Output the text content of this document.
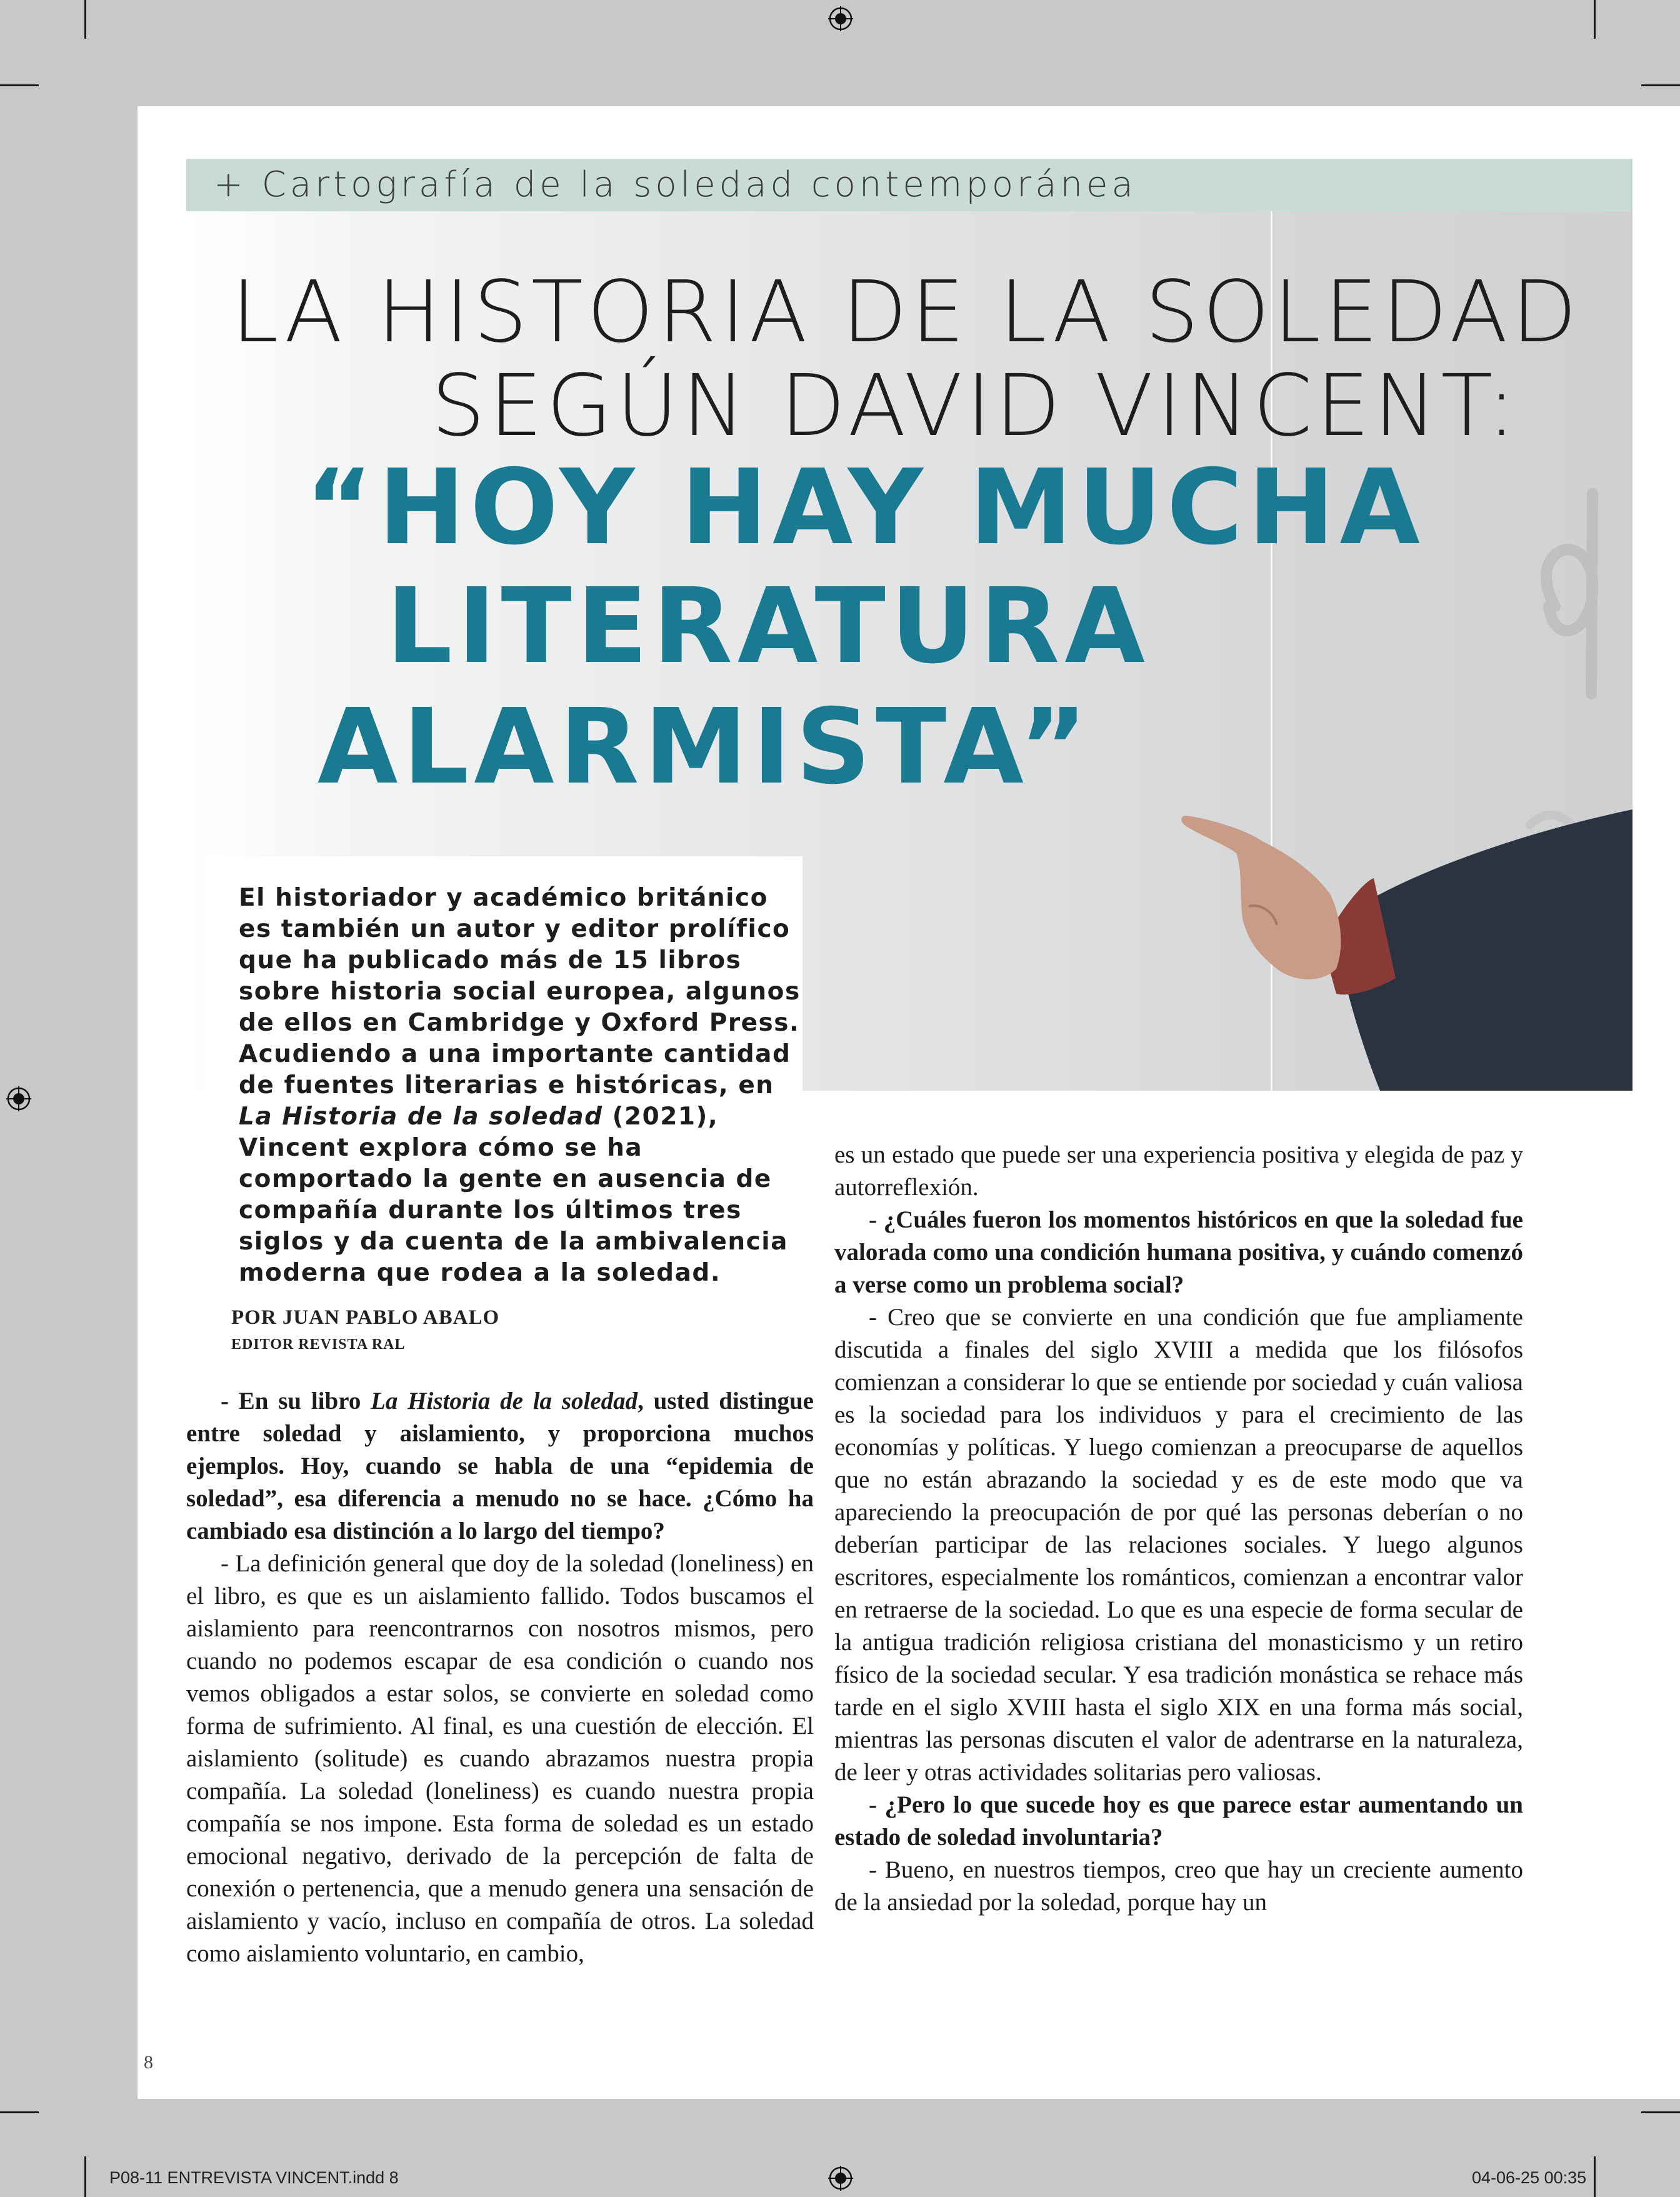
+ Cartografía de la soledad contemporánea
LA HISTORIA DE LA SOLEDAD
SEGÚN DAVID VINCENT:
“HOY HAY MUCHA
LITERATURA
ALARMISTA”

El historiador y académico británico es también un autor y editor prolífico que ha publicado más de 15 libros sobre historia social europea, algunos de ellos en Cambridge y Oxford Press. Acudiendo a una importante cantidad de fuentes literarias e históricas, en La Historia de la soledad (2021), Vincent explora cómo se ha comportado la gente en ausencia de compañía durante los últimos tres siglos y da cuenta de la ambivalencia moderna que rodea a la soledad.

POR JUAN PABLO ABALO
EDITOR REVISTA RAL

- En su libro La Historia de la soledad, usted distingue entre soledad y aislamiento, y proporciona muchos ejemplos. Hoy, cuando se habla de una “epidemia de soledad”, esa diferencia a menudo no se hace. ¿Cómo ha cambiado esa distinción a lo largo del tiempo?

- La definición general que doy de la soledad (loneliness) en el libro, es que es un aislamiento fallido. Todos buscamos el aislamiento para reencontrarnos con nosotros mismos, pero cuando no podemos escapar de esa condición o cuando nos vemos obligados a estar solos, se convierte en soledad como forma de sufrimiento. Al final, es una cuestión de elección. El aislamiento (solitude) es cuando abrazamos nuestra propia compañía. La soledad (loneliness) es cuando nuestra propia compañía se nos impone. Esta forma de soledad es un estado emocional negativo, derivado de la percepción de falta de conexión o pertenencia, que a menudo genera una sensación de aislamiento y vacío, incluso en compañía de otros. La soledad como aislamiento voluntario, en cambio,

es un estado que puede ser una experiencia positiva y elegida de paz y autorreflexión.

- ¿Cuáles fueron los momentos históricos en que la soledad fue valorada como una condición humana positiva, y cuándo comenzó a verse como un problema social?

- Creo que se convierte en una condición que fue ampliamente discutida a finales del siglo XVIII a medida que los filósofos comienzan a considerar lo que se entiende por sociedad y cuán valiosa es la sociedad para los individuos y para el crecimiento de las economías y políticas. Y luego comienzan a preocuparse de aquellos que no están abrazando la sociedad y es de este modo que va apareciendo la preocupación de por qué las personas deberían o no deberían participar de las relaciones sociales. Y luego algunos escritores, especialmente los románticos, comienzan a encontrar valor en retraerse de la sociedad. Lo que es una especie de forma secular de la antigua tradición religiosa cristiana del monasticismo y un retiro físico de la sociedad secular. Y esa tradición monástica se rehace más tarde en el siglo XVIII hasta el siglo XIX en una forma más social, mientras las personas discuten el valor de adentrarse en la naturaleza, de leer y otras actividades solitarias pero valiosas.

- ¿Pero lo que sucede hoy es que parece estar aumentando un estado de soledad involuntaria?

- Bueno, en nuestros tiempos, creo que hay un creciente aumento de la ansiedad por la soledad, porque hay un

8
P08-11 ENTREVISTA VINCENT.indd 8	04-06-25 00:35
